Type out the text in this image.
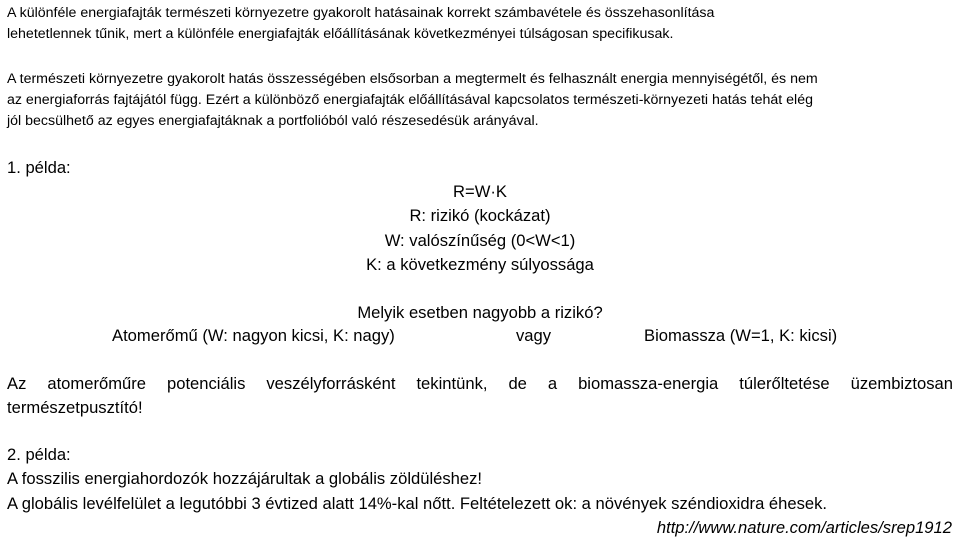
A különféle energiafajták természeti környezetre gyakorolt hatásainak korrekt számbavétele és összehasonlítása
lehetetlennek tűnik, mert a különféle energiafajták előállításának következményei túlságosan specifikusak.

A természeti környezetre gyakorolt hatás összességében elsősorban a megtermelt és felhasznált energia mennyiségétől, és nem
az energiaforrás fajtájától függ. Ezért a különböző energiafajták előállításával kapcsolatos természeti-környezeti hatás tehát elég
jól becsülhető az egyes energiafajtáknak a portfolióból való részesedésük arányával.

1. példa:
R=W·K
R: rizikó (kockázat)
W: valószínűség (0<W<1)
K: a következmény súlyossága
Melyik esetben nagyobb a rizikó?
Atomerőmű (W: nagyon kicsi, K: nagy)	vagy	Biomassza (W=1, K: kicsi)

Az atomerőműre potenciális veszélyforrásként tekintünk, de a biomassza-energia túlerőltetése üzembiztosan
természetpusztító!

2. példa:
A fosszilis energiahordozók hozzájárultak a globális zöldüléshez!
A globális levélfelület a legutóbbi 3 évtized alatt 14%-kal nőtt. Feltételezett ok: a növények széndioxidra éhesek.
http://www.nature.com/articles/srep1912
